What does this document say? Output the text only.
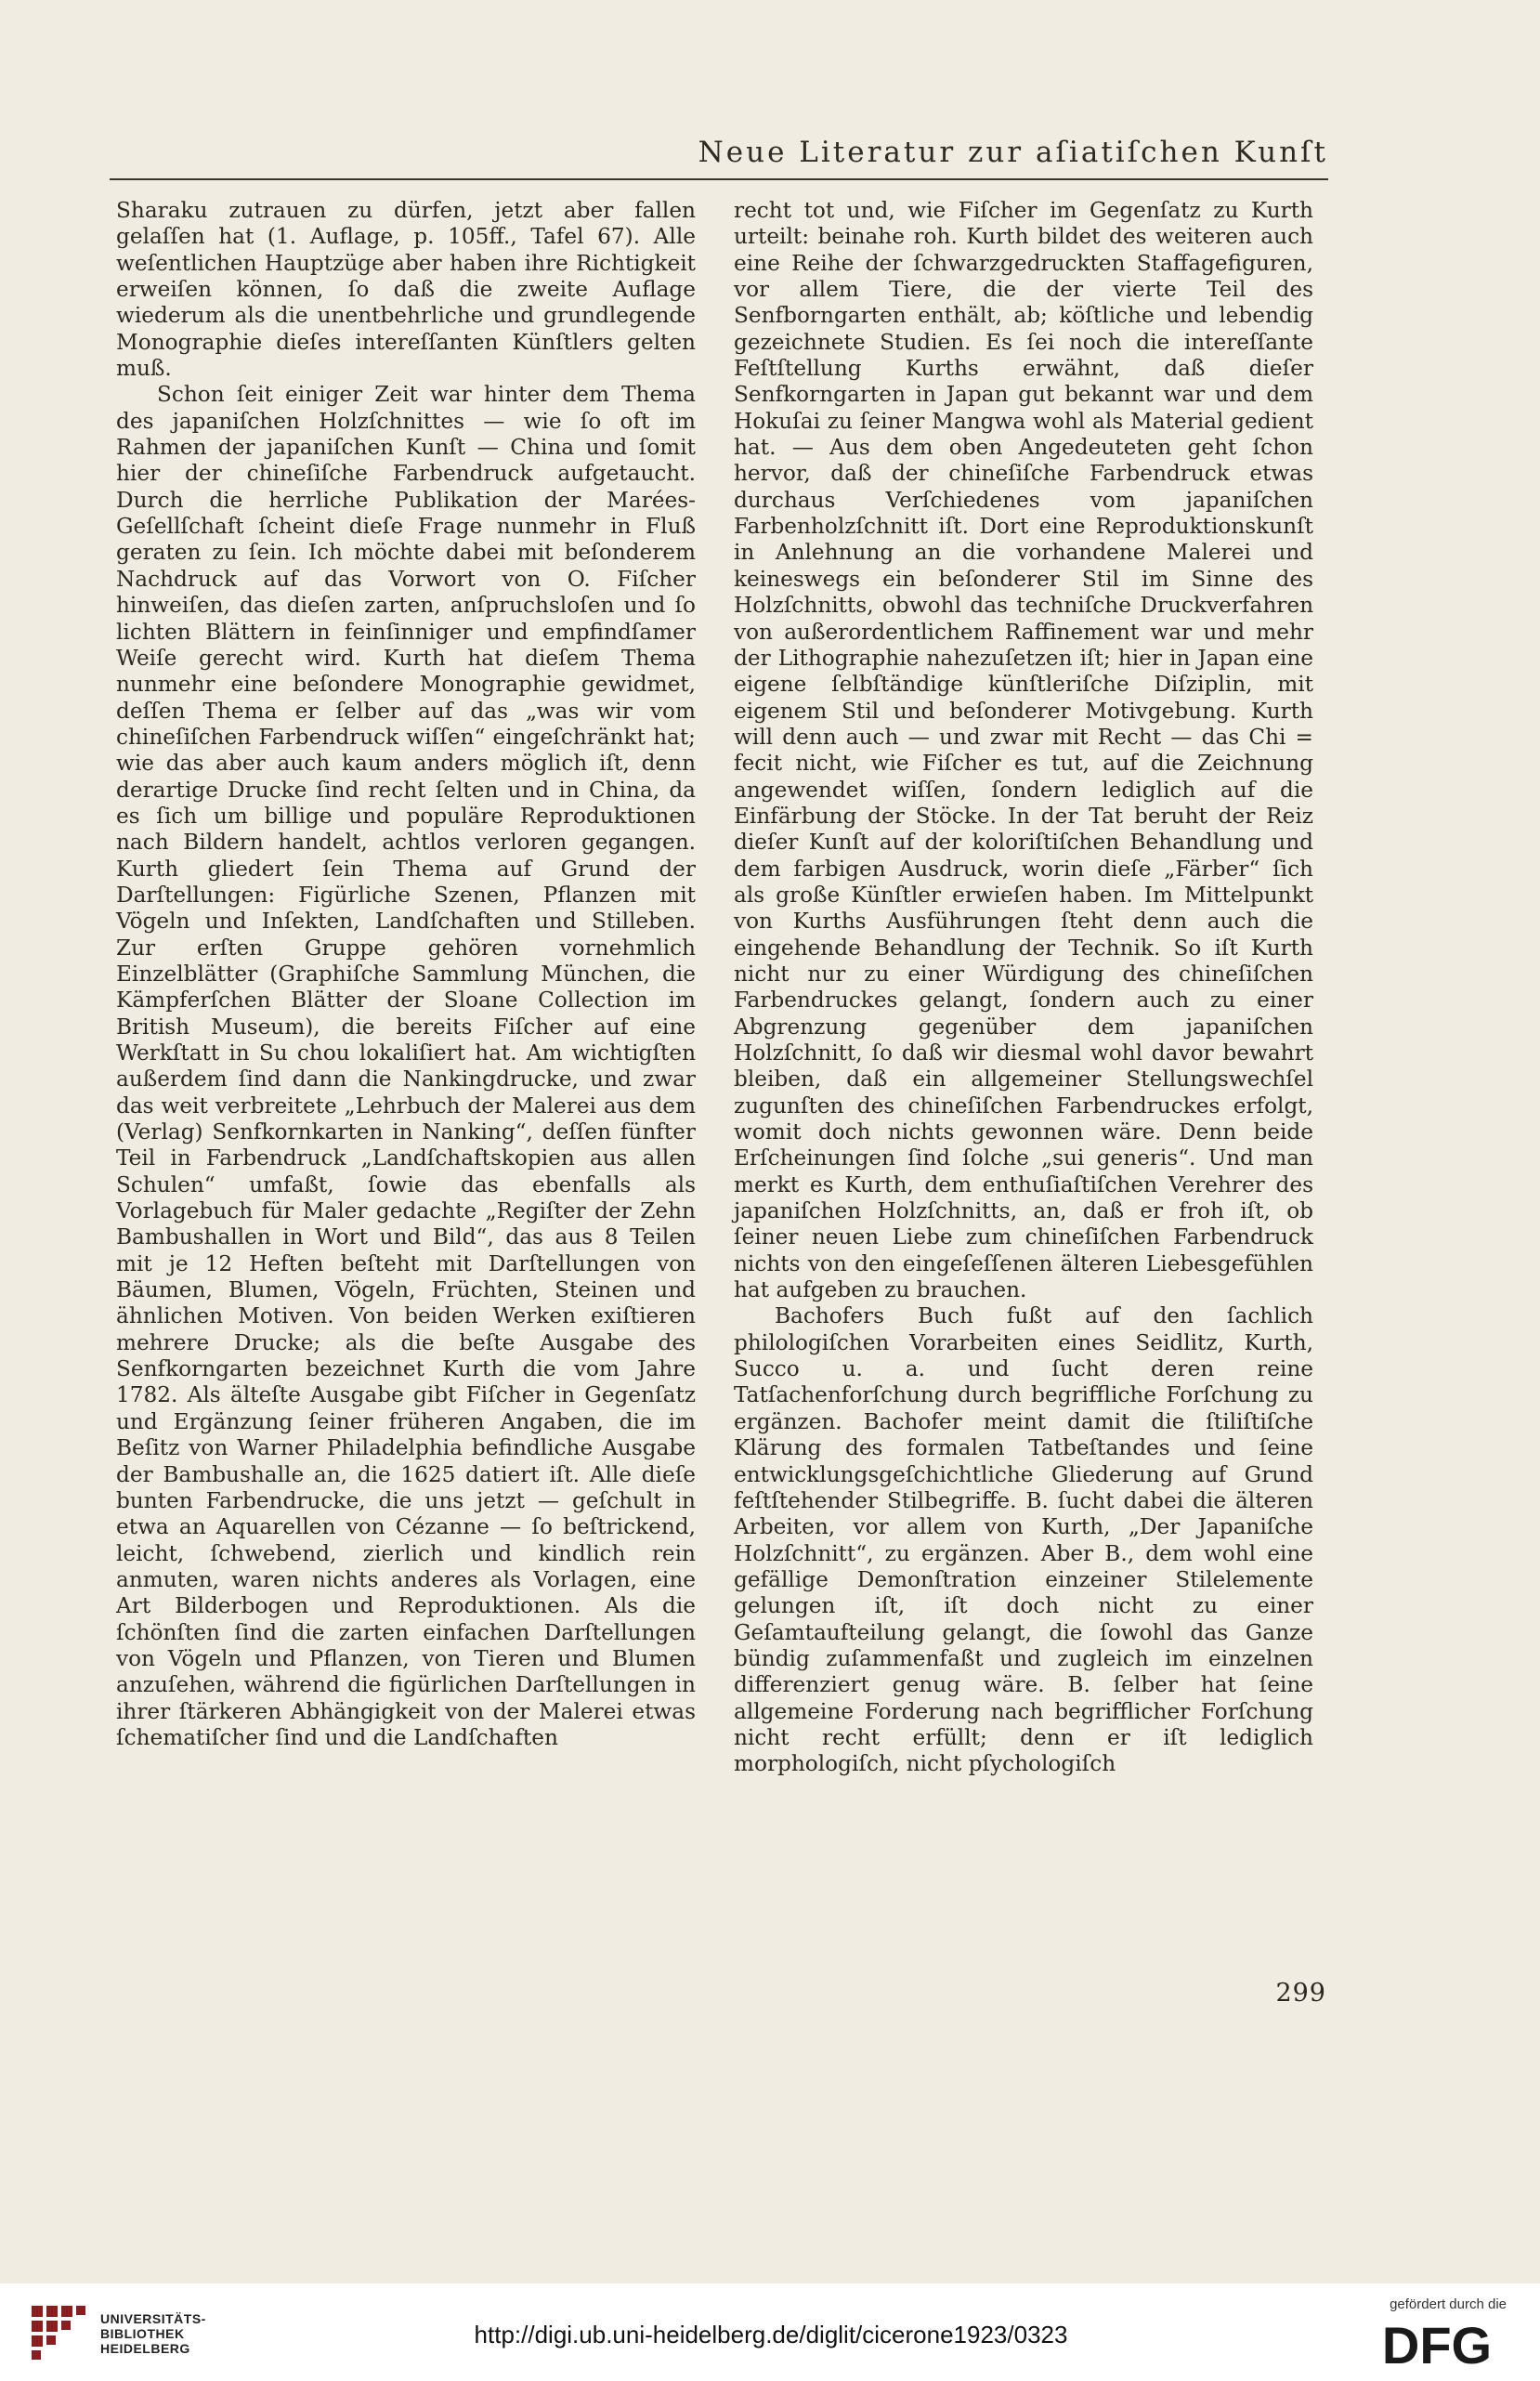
Neue Literatur zur aſiatiſchen Kunſt

Sharaku zutrauen zu dürfen, jetzt aber fallen gelaſſen hat (1. Auflage, p. 105ff., Tafel 67). Alle weſentlichen Hauptzüge aber haben ihre Richtigkeit erweiſen können, ſo daß die zweite Auflage wiederum als die unentbehrliche und grundlegende Monographie dieſes intereſſanten Künſtlers gelten muß.

Schon ſeit einiger Zeit war hinter dem Thema des japaniſchen Holzſchnittes — wie ſo oft im Rahmen der japaniſchen Kunſt — China und ſomit hier der chineſiſche Farbendruck aufgetaucht. Durch die herrliche Publikation der Marées-Geſellſchaft ſcheint dieſe Frage nunmehr in Fluß geraten zu ſein. Ich möchte dabei mit beſonderem Nachdruck auf das Vorwort von O. Fiſcher hinweiſen, das dieſen zarten, anſpruchsloſen und ſo lichten Blättern in feinſinniger und empfindſamer Weiſe gerecht wird. Kurth hat dieſem Thema nunmehr eine beſondere Monographie gewidmet, deſſen Thema er ſelber auf das „was wir vom chineſiſchen Farbendruck wiſſen“ eingeſchränkt hat; wie das aber auch kaum anders möglich iſt, denn derartige Drucke ſind recht ſelten und in China, da es ſich um billige und populäre Reproduktionen nach Bildern handelt, achtlos verloren gegangen. Kurth gliedert ſein Thema auf Grund der Darſtellungen: Figürliche Szenen, Pflanzen mit Vögeln und Inſekten, Landſchaften und Stilleben. Zur erſten Gruppe gehören vornehmlich Einzelblätter (Graphiſche Sammlung München, die Kämpferſchen Blätter der Sloane Collection im British Museum), die bereits Fiſcher auf eine Werkſtatt in Su chou lokaliſiert hat. Am wichtigſten außerdem ſind dann die Nankingdrucke, und zwar das weit verbreitete „Lehrbuch der Malerei aus dem (Verlag) Senfkornkarten in Nanking“, deſſen fünfter Teil in Farbendruck „Landſchaftskopien aus allen Schulen“ umfaßt, ſowie das ebenfalls als Vorlagebuch für Maler gedachte „Regiſter der Zehn Bambushallen in Wort und Bild“, das aus 8 Teilen mit je 12 Heften beſteht mit Darſtellungen von Bäumen, Blumen, Vögeln, Früchten, Steinen und ähnlichen Motiven. Von beiden Werken exiſtieren mehrere Drucke; als die beſte Ausgabe des Senfkorngarten bezeichnet Kurth die vom Jahre 1782. Als älteſte Ausgabe gibt Fiſcher in Gegenſatz und Ergänzung ſeiner früheren Angaben, die im Beſitz von Warner Philadelphia befindliche Ausgabe der Bambushalle an, die 1625 datiert iſt. Alle dieſe bunten Farbendrucke, die uns jetzt — geſchult in etwa an Aquarellen von Cézanne — ſo beſtrickend, leicht, ſchwebend, zierlich und kindlich rein anmuten, waren nichts anderes als Vorlagen, eine Art Bilderbogen und Reproduktionen. Als die ſchönſten ſind die zarten einfachen Darſtellungen von Vögeln und Pflanzen, von Tieren und Blumen anzuſehen, während die figürlichen Darſtellungen in ihrer ſtärkeren Abhängigkeit von der Malerei etwas ſchematiſcher ſind und die Landſchaften

recht tot und, wie Fiſcher im Gegenſatz zu Kurth urteilt: beinahe roh. Kurth bildet des weiteren auch eine Reihe der ſchwarzgedruckten Staffagefiguren, vor allem Tiere, die der vierte Teil des Senfborngarten enthält, ab; köſtliche und lebendig gezeichnete Studien. Es ſei noch die intereſſante Feſtſtellung Kurths erwähnt, daß dieſer Senfkorngarten in Japan gut bekannt war und dem Hokuſai zu ſeiner Mangwa wohl als Material gedient hat. — Aus dem oben Angedeuteten geht ſchon hervor, daß der chineſiſche Farbendruck etwas durchaus Verſchiedenes vom japaniſchen Farbenholzſchnitt iſt. Dort eine Reproduktionskunſt in Anlehnung an die vorhandene Malerei und keineswegs ein beſonderer Stil im Sinne des Holzſchnitts, obwohl das techniſche Druckverfahren von außerordentlichem Raffinement war und mehr der Lithographie nahezuſetzen iſt; hier in Japan eine eigene ſelbſtändige künſtleriſche Diſziplin, mit eigenem Stil und beſonderer Motivgebung. Kurth will denn auch — und zwar mit Recht — das Chi = fecit nicht, wie Fiſcher es tut, auf die Zeichnung angewendet wiſſen, ſondern lediglich auf die Einfärbung der Stöcke. In der Tat beruht der Reiz dieſer Kunſt auf der koloriſtiſchen Behandlung und dem farbigen Ausdruck, worin dieſe „Färber“ ſich als große Künſtler erwieſen haben. Im Mittelpunkt von Kurths Ausführungen ſteht denn auch die eingehende Behandlung der Technik. So iſt Kurth nicht nur zu einer Würdigung des chineſiſchen Farbendruckes gelangt, ſondern auch zu einer Abgrenzung gegenüber dem japaniſchen Holzſchnitt, ſo daß wir diesmal wohl davor bewahrt bleiben, daß ein allgemeiner Stellungswechſel zugunſten des chineſiſchen Farbendruckes erfolgt, womit doch nichts gewonnen wäre. Denn beide Erſcheinungen ſind ſolche „sui generis“. Und man merkt es Kurth, dem enthuſiaſtiſchen Verehrer des japaniſchen Holzſchnitts, an, daß er froh iſt, ob ſeiner neuen Liebe zum chineſiſchen Farbendruck nichts von den eingeſeſſenen älteren Liebesgefühlen hat aufgeben zu brauchen.

Bachofers Buch fußt auf den ſachlich philologiſchen Vorarbeiten eines Seidlitz, Kurth, Succo u. a. und ſucht deren reine Tatſachenforſchung durch begriffliche Forſchung zu ergänzen. Bachofer meint damit die ſtiliſtiſche Klärung des formalen Tatbeſtandes und ſeine entwicklungsgeſchichtliche Gliederung auf Grund feſtſtehender Stilbegriffe. B. ſucht dabei die älteren Arbeiten, vor allem von Kurth, „Der Japaniſche Holzſchnitt“, zu ergänzen. Aber B., dem wohl eine gefällige Demonſtration einzeiner Stilelemente gelungen iſt, iſt doch nicht zu einer Geſamtaufteilung gelangt, die ſowohl das Ganze bündig zuſammenfaßt und zugleich im einzelnen differenziert genug wäre. B. ſelber hat ſeine allgemeine Forderung nach begrifflicher Forſchung nicht recht erfüllt; denn er iſt lediglich morphologiſch, nicht pſychologiſch

299
UNIVERSITÄTS-
BIBLIOTHEK
HEIDELBERG	http://digi.ub.uni-heidelberg.de/diglit/cicerone1923/0323
gefördert durch die
DFG
